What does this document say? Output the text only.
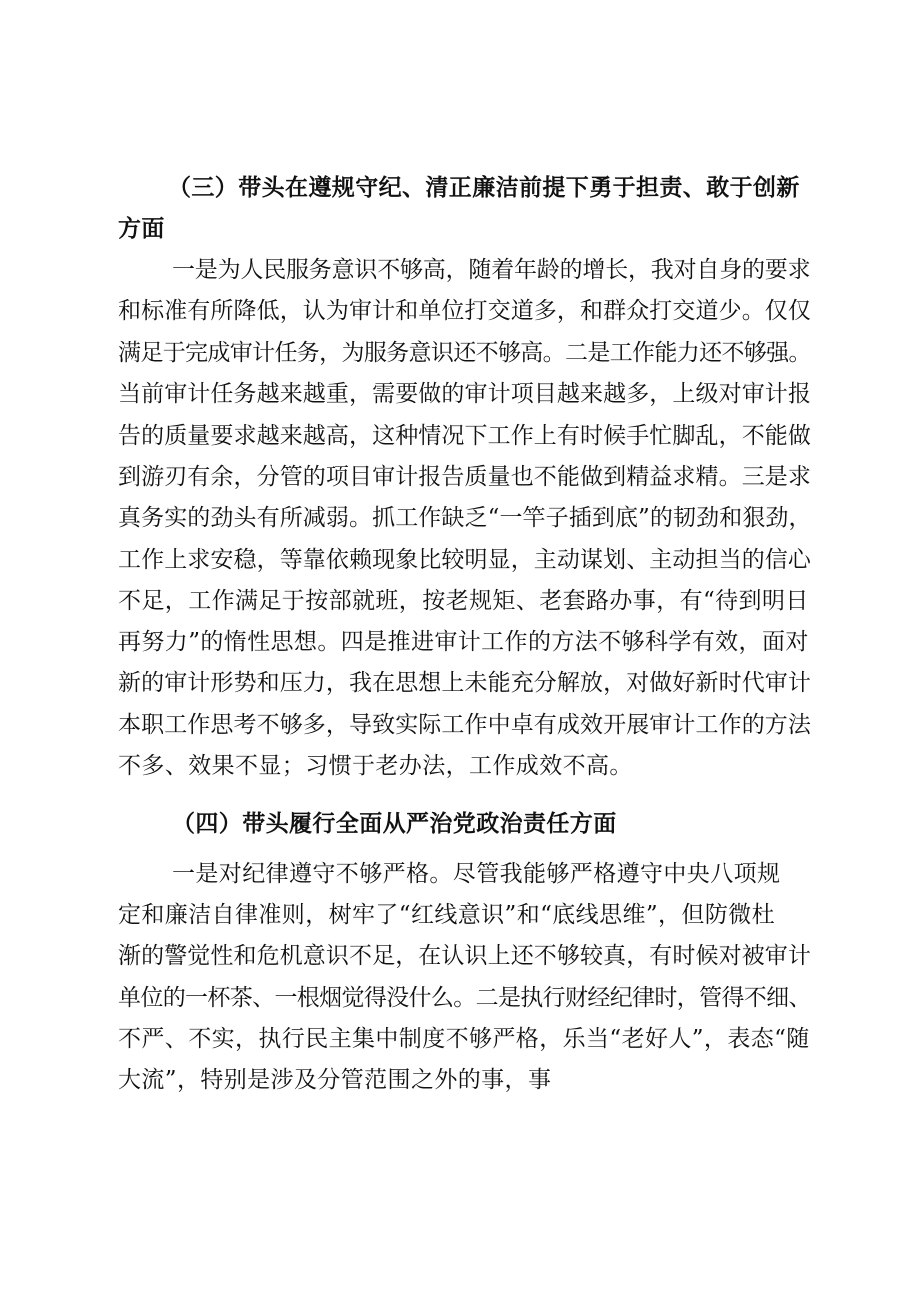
（三）带头在遵规守纪、清正廉洁前提下勇于担责、敢于创新
方面
一是为人民服务意识不够高，随着年龄的增长，我对自身的要求
和标准有所降低，认为审计和单位打交道多，和群众打交道少。仅仅
满足于完成审计任务，为服务意识还不够高。二是工作能力还不够强。
当前审计任务越来越重，需要做的审计项目越来越多，上级对审计报
告的质量要求越来越高，这种情况下工作上有时候手忙脚乱，不能做
到游刃有余，分管的项目审计报告质量也不能做到精益求精。三是求
真务实的劲头有所减弱。抓工作缺乏“一竿子插到底”的韧劲和狠劲，
工作上求安稳，等靠依赖现象比较明显，主动谋划、主动担当的信心
不足，工作满足于按部就班，按老规矩、老套路办事，有“待到明日
再努力”的惰性思想。四是推进审计工作的方法不够科学有效，面对
新的审计形势和压力，我在思想上未能充分解放，对做好新时代审计
本职工作思考不够多，导致实际工作中卓有成效开展审计工作的方法
不多、效果不显；习惯于老办法，工作成效不高。
（四）带头履行全面从严治党政治责任方面
一是对纪律遵守不够严格。尽管我能够严格遵守中央八项规
定和廉洁自律准则，树牢了“红线意识”和“底线思维”，但防微杜
渐的警觉性和危机意识不足，在认识上还不够较真，有时候对被审计
单位的一杯茶、一根烟觉得没什么。二是执行财经纪律时，管得不细、
不严、不实，执行民主集中制度不够严格，乐当“老好人”，表态“随
大流”，特别是涉及分管范围之外的事，事
